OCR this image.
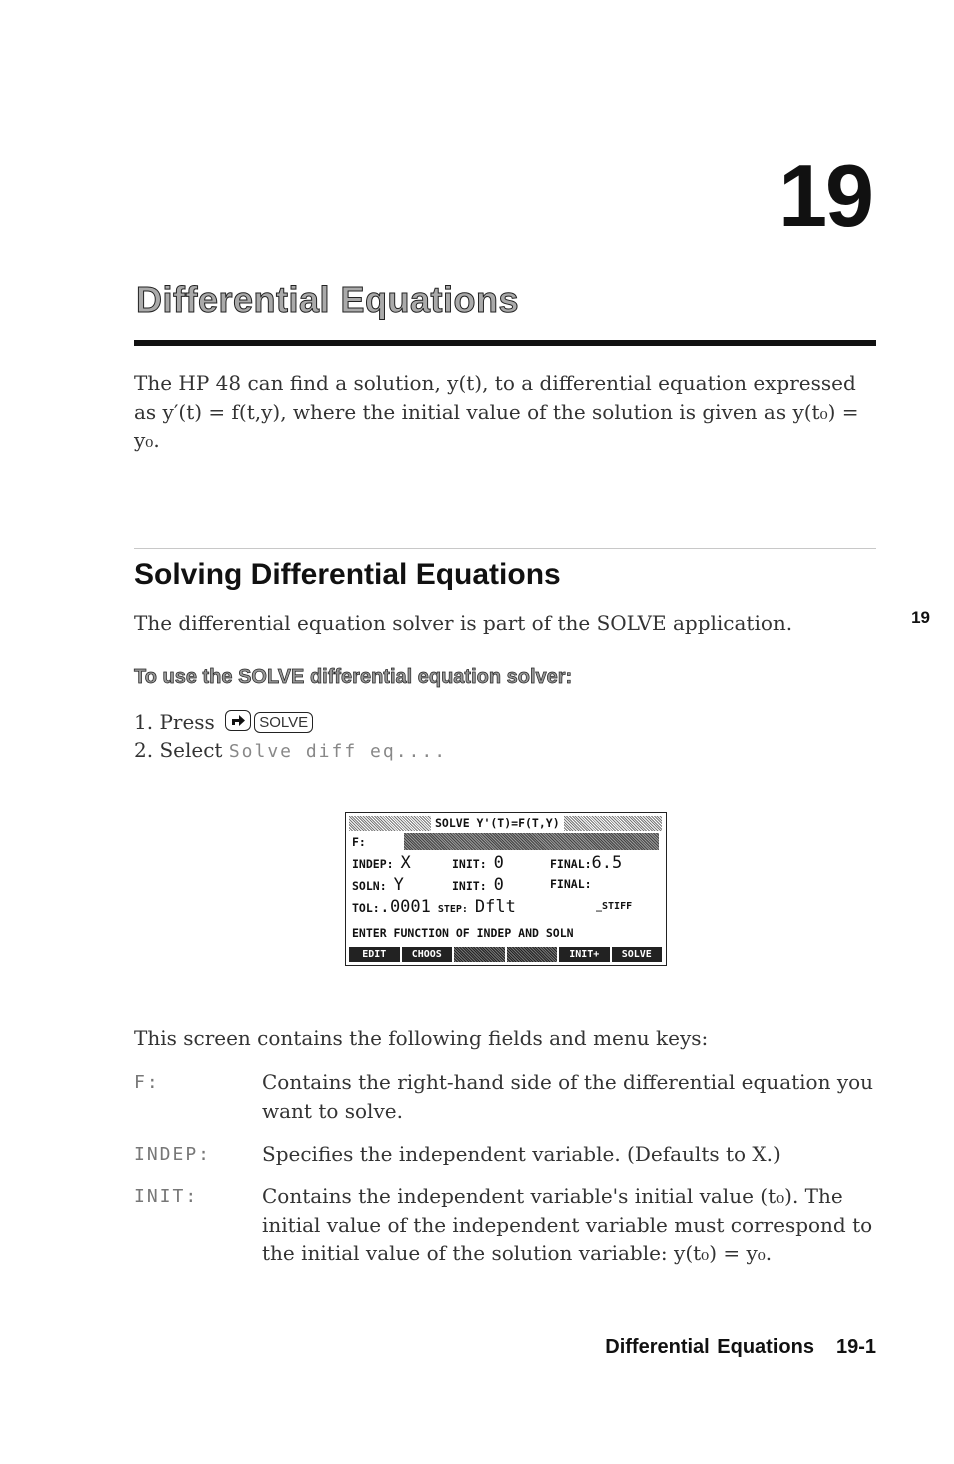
19
Differential Equations
The HP 48 can find a solution, y(t), to a differential equation expressed as y′(t) = f(t,y), where the initial value of the solution is given as y(t₀) = y₀.
Solving Differential Equations
The differential equation solver is part of the SOLVE application.	19
To use the SOLVE differential equation solver:
1. Press	SOLVE
2. Select Solve diff eq....
SOLVE Y'(T)=F(T,Y)
F:
INDEP: X	INIT: 0	FINAL:6.5
SOLN: Y	INIT: 0	FINAL:
TOL:.0001 STEP: Dflt	_STIFF
ENTER FUNCTION OF INDEP AND SOLN
EDIT	CHOOS	INIT+	SOLVE
This screen contains the following fields and menu keys:
F:	Contains the right-hand side of the differential equation you want to solve.
INDEP:	Specifies the independent variable. (Defaults to X.)
INIT:	Contains the independent variable's initial value (t₀). The initial value of the independent variable must correspond to the initial value of the solution variable: y(t₀) = y₀.
Differential Equations 19-1
